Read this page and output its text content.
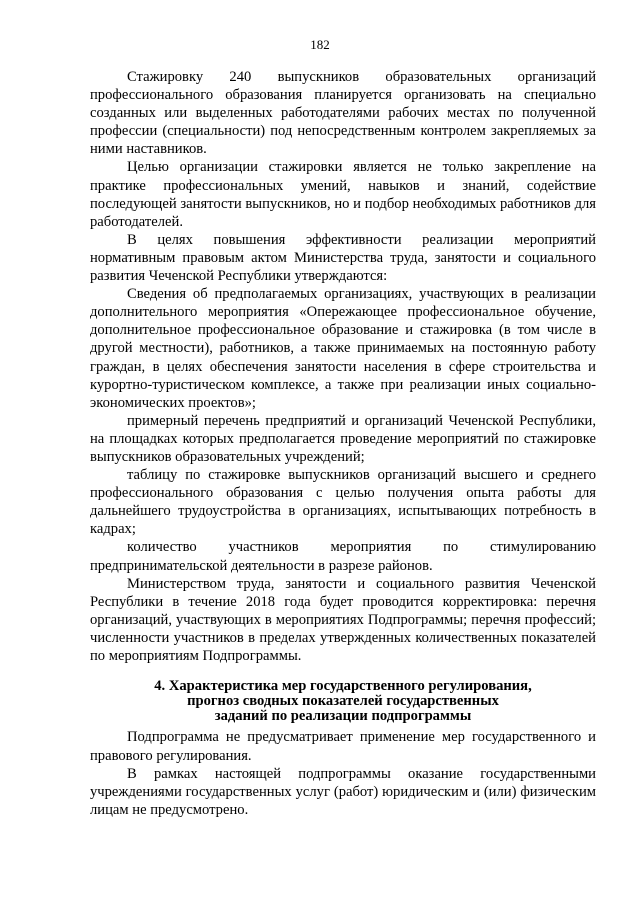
182

Стажировку 240 выпускников образовательных организаций профессионального образования планируется организовать на специально созданных или выделенных работодателями рабочих местах по полученной профессии (специальности) под непосредственным контролем закрепляемых за ними наставников.

Целью организации стажировки является не только закрепление на практике профессиональных умений, навыков и знаний, содействие последующей занятости выпускников, но и подбор необходимых работников для работодателей.

В целях повышения эффективности реализации мероприятий нормативным правовым актом Министерства труда, занятости и социального развития Чеченской Республики утверждаются:

Сведения об предполагаемых организациях, участвующих в реализации дополнительного мероприятия «Опережающее профессиональное обучение, дополнительное профессиональное образование и стажировка (в том числе в другой местности), работников, а также принимаемых на постоянную работу граждан, в целях обеспечения занятости населения в сфере строительства и курортно-туристическом комплексе, а также при реализации иных социально-экономических проектов»;

примерный перечень предприятий и организаций Чеченской Республики, на площадках которых предполагается проведение мероприятий по стажировке выпускников образовательных учреждений;

таблицу по стажировке выпускников организаций высшего и среднего профессионального образования с целью получения опыта работы для дальнейшего трудоустройства в организациях, испытывающих потребность в кадрах;

количество участников мероприятия по стимулированию предпринимательской деятельности в разрезе районов.

Министерством труда, занятости и социального развития Чеченской Республики в течение 2018 года будет проводится корректировка: перечня организаций, участвующих в мероприятиях Подпрограммы; перечня профессий; численности участников в пределах утвержденных количественных показателей по мероприятиям Подпрограммы.

4. Характеристика мер государственного регулирования,
прогноз сводных показателей государственных
заданий по реализации подпрограммы

Подпрограмма не предусматривает применение мер государственного и правового регулирования.

В рамках настоящей подпрограммы оказание государственными учреждениями государственных услуг (работ) юридическим и (или) физическим лицам не предусмотрено.
